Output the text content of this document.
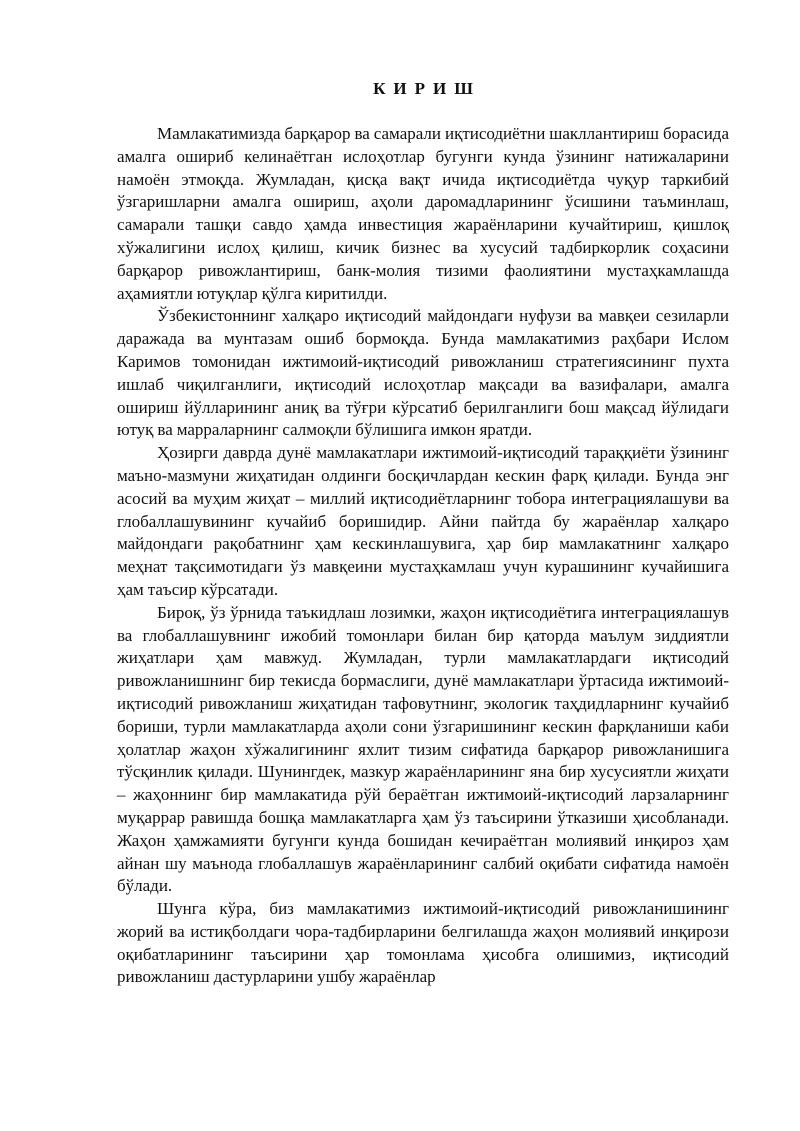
КИРИШ

Мамлакатимизда барқарор ва самарали иқтисодиётни шакллантириш борасида амалга ошириб келинаётган ислоҳотлар бугунги кунда ўзининг натижаларини намоён этмоқда. Жумладан, қисқа вақт ичида иқтисодиётда чуқур таркибий ўзгаришларни амалга ошириш, аҳоли даромадларининг ўсишини таъминлаш, самарали ташқи савдо ҳамда инвестиция жараёнларини кучайтириш, қишлоқ хўжалигини ислоҳ қилиш, кичик бизнес ва хусусий тадбиркорлик соҳасини барқарор ривожлантириш, банк-молия тизими фаолиятини мустаҳкамлашда аҳамиятли ютуқлар қўлга киритилди.

Ўзбекистоннинг халқаро иқтисодий майдондаги нуфузи ва мавқеи сезиларли даражада ва мунтазам ошиб бормоқда. Бунда мамлакатимиз раҳбари Ислом Каримов томонидан ижтимоий-иқтисодий ривожланиш стратегиясининг пухта ишлаб чиқилганлиги, иқтисодий ислоҳотлар мақсади ва вазифалари, амалга ошириш йўлларининг аниқ ва тўғри кўрсатиб берилганлиги бош мақсад йўлидаги ютуқ ва марраларнинг салмоқли бўлишига имкон яратди.

Ҳозирги даврда дунё мамлакатлари ижтимоий-иқтисодий тараққиёти ўзининг маъно-мазмуни жиҳатидан олдинги босқичлардан кескин фарқ қилади. Бунда энг асосий ва муҳим жиҳат – миллий иқтисодиётларнинг тобора интеграциялашуви ва глобаллашувининг кучайиб боришидир. Айни пайтда бу жараёнлар халқаро майдондаги рақобатнинг ҳам кескинлашувига, ҳар бир мамлакатнинг халқаро меҳнат тақсимотидаги ўз мавқеини мустаҳкамлаш учун курашининг кучайишига ҳам таъсир кўрсатади.

Бироқ, ўз ўрнида таъкидлаш лозимки, жаҳон иқтисодиётига интеграциялашув ва глобаллашувнинг ижобий томонлари билан бир қаторда маълум зиддиятли жиҳатлари ҳам мавжуд. Жумладан, турли мамлакатлардаги иқтисодий ривожланишнинг бир текисда бормаслиги, дунё мамлакатлари ўртасида ижтимоий-иқтисодий ривожланиш жиҳатидан тафовутнинг, экологик таҳдидларнинг кучайиб бориши, турли мамлакатларда аҳоли сони ўзгаришининг кескин фарқланиши каби ҳолатлар жаҳон хўжалигининг яхлит тизим сифатида барқарор ривожланишига тўсқинлик қилади. Шунингдек, мазкур жараёнларининг яна бир хусусиятли жиҳати – жаҳоннинг бир мамлакатида рўй бераётган ижтимоий-иқтисодий ларзаларнинг муқаррар равишда бошқа мамлакатларга ҳам ўз таъсирини ўтказиши ҳисобланади. Жаҳон ҳамжамияти бугунги кунда бошидан кечираётган молиявий инқироз ҳам айнан шу маънода глобаллашув жараёнларининг салбий оқибати сифатида намоён бўлади.

Шунга кўра, биз мамлакатимиз ижтимоий-иқтисодий ривожланишининг жорий ва истиқболдаги чора-тадбирларини белгилашда жаҳон молиявий инқирози оқибатларининг таъсирини ҳар томонлама ҳисобга олишимиз, иқтисодий ривожланиш дастурларини ушбу жараёнлар
